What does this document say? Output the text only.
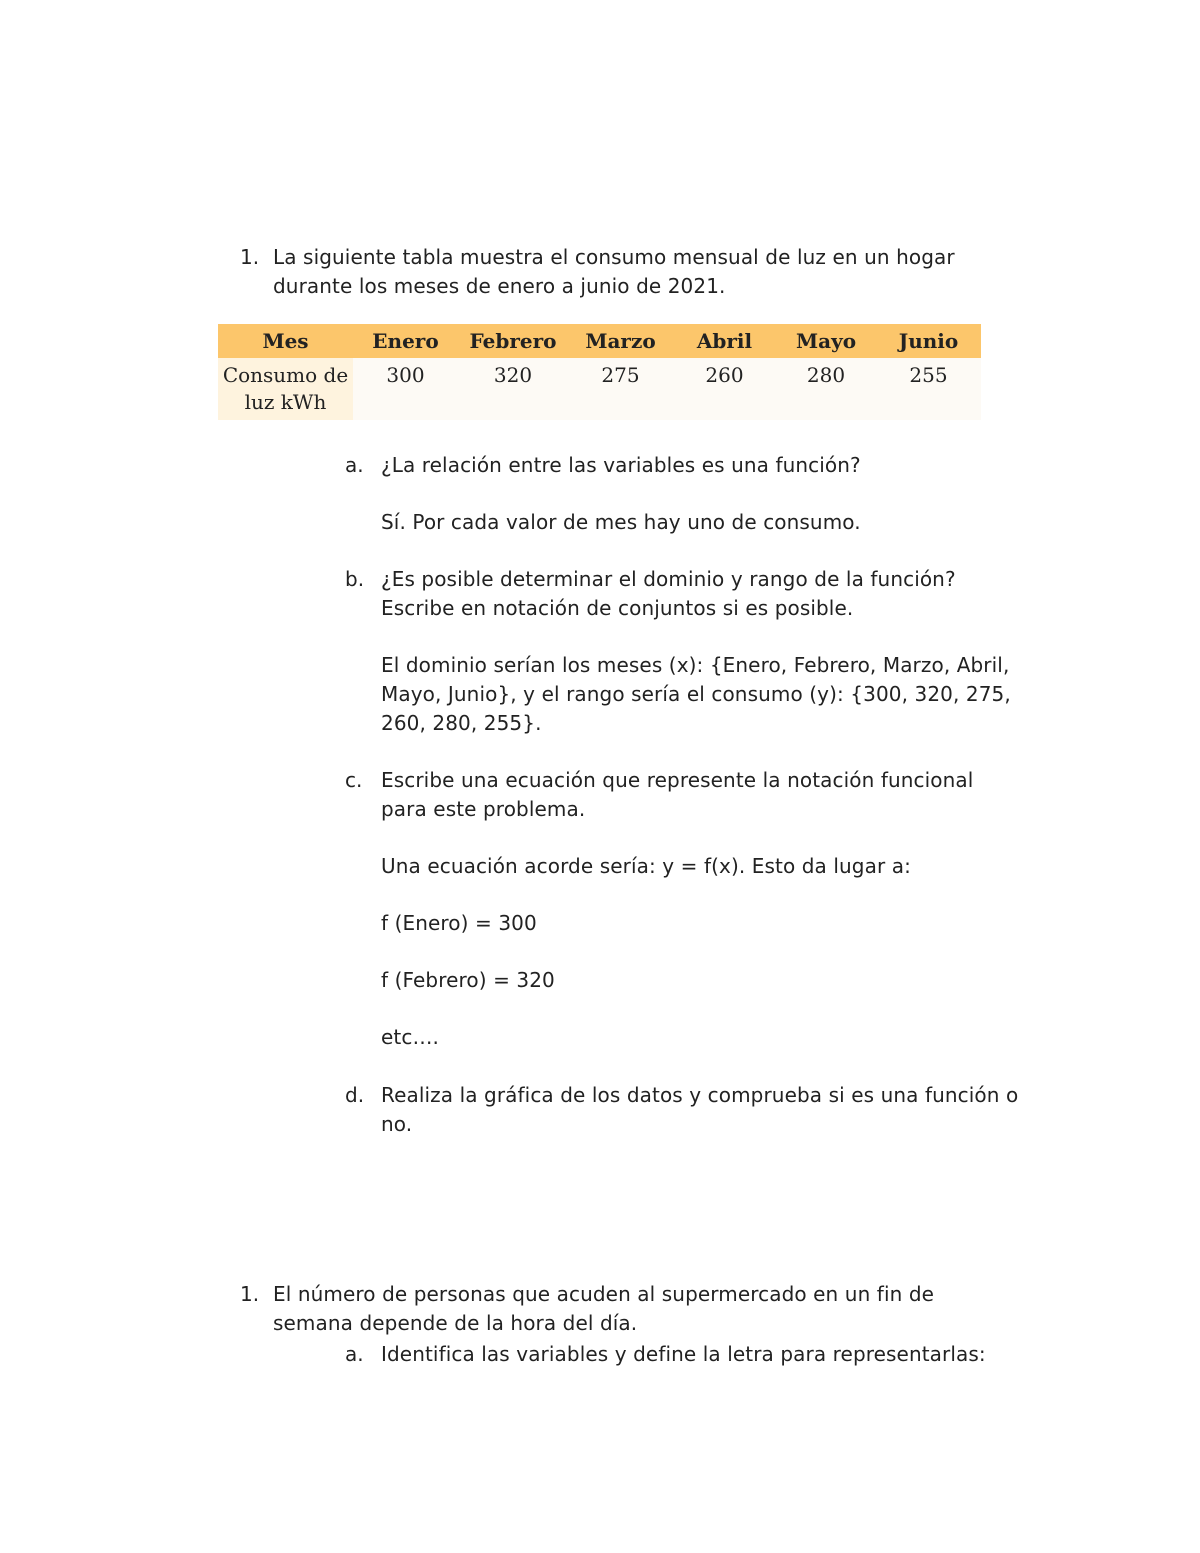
1. La siguiente tabla muestra el consumo mensual de luz en un hogar
durante los meses de enero a junio de 2021.
Mes	Enero	Febrero	Marzo	Abril	Mayo	Junio

Consumo de
luz kWh	300	320	275	260	280	255
a. ¿La relación entre las variables es una función?
Sí. Por cada valor de mes hay uno de consumo.
b. ¿Es posible determinar el dominio y rango de la función?
Escribe en notación de conjuntos si es posible.
El dominio serían los meses (x): {Enero, Febrero, Marzo, Abril,
Mayo, Junio}, y el rango sería el consumo (y): {300, 320, 275,
260, 280, 255}.
c. Escribe una ecuación que represente la notación funcional
para este problema.
Una ecuación acorde sería: y = f(x). Esto da lugar a:
f (Enero) = 300
f (Febrero) = 320
etc….
d. Realiza la gráfica de los datos y comprueba si es una función o
no.
1. El número de personas que acuden al supermercado en un fin de
semana depende de la hora del día.
a. Identifica las variables y define la letra para representarlas:
